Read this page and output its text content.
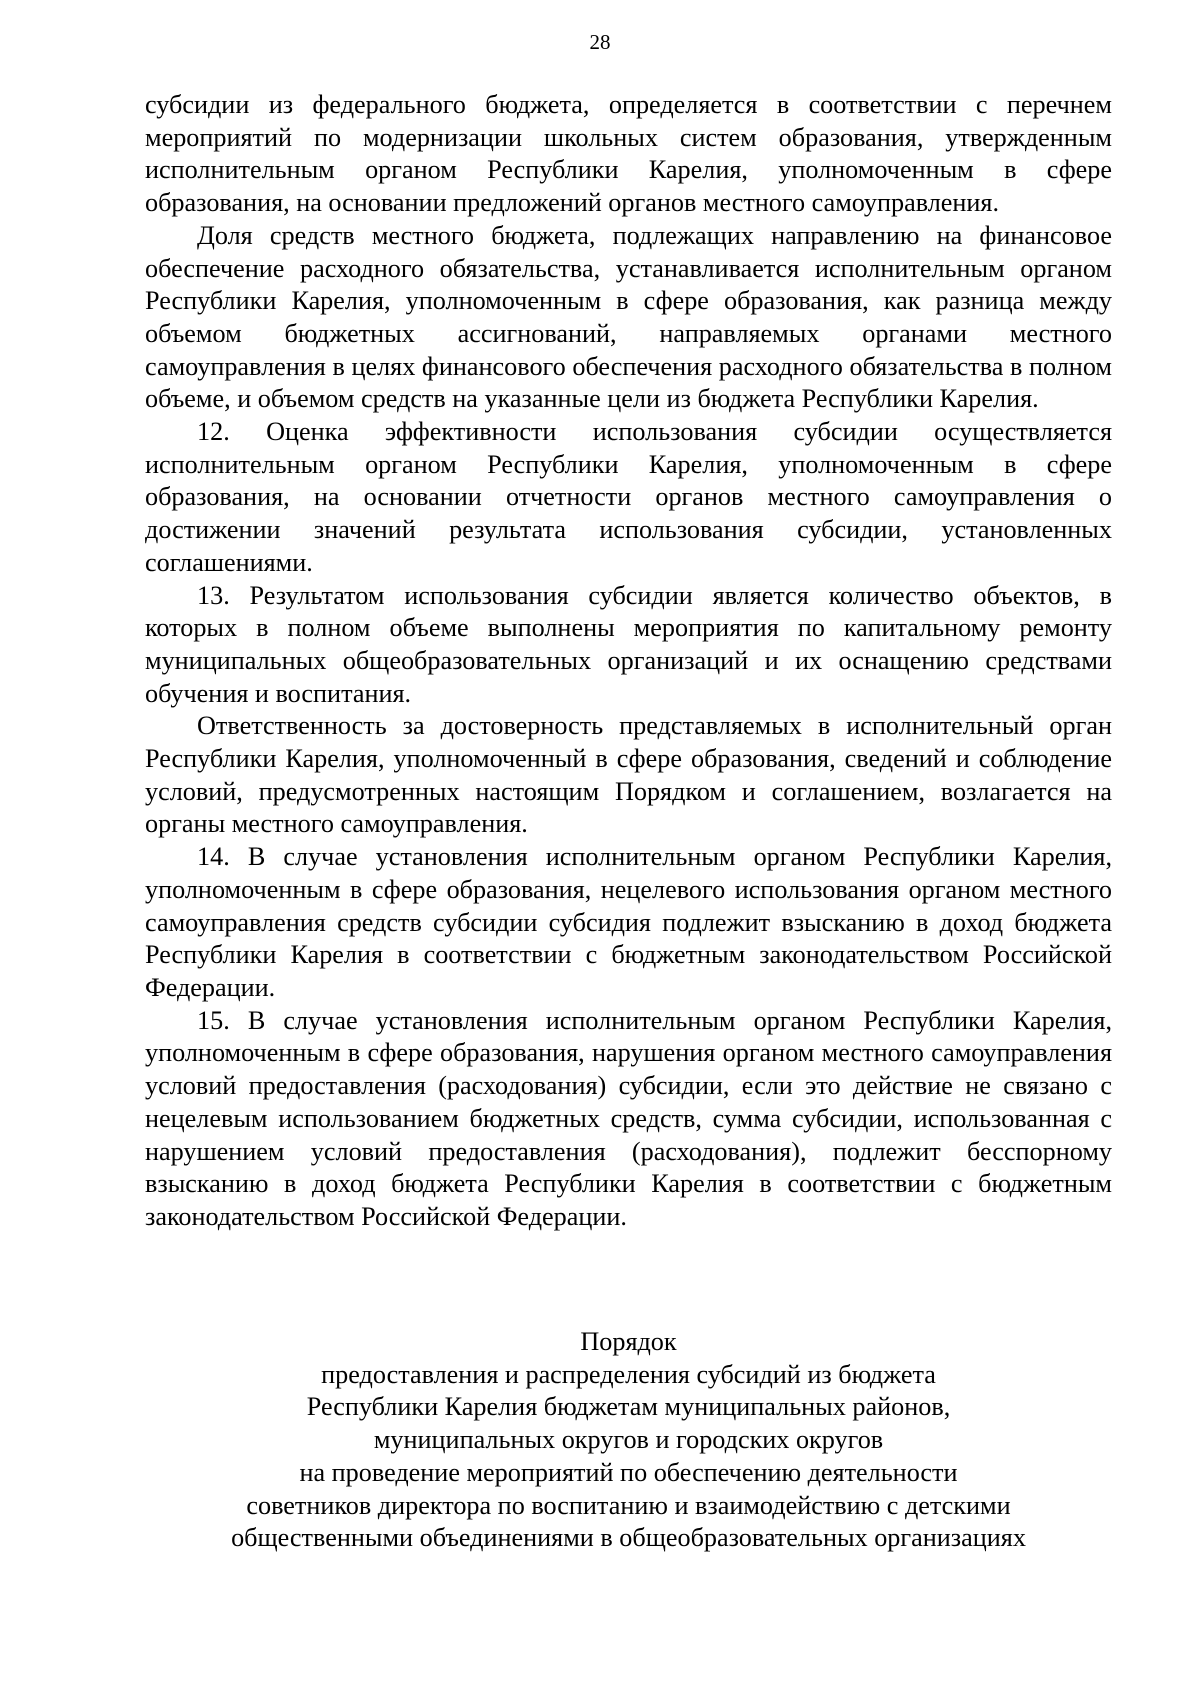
28

субсидии из федерального бюджета, определяется в соответствии с перечнем мероприятий по модернизации школьных систем образования, утвержденным исполнительным органом Республики Карелия, уполномоченным в сфере образования, на основании предложений органов местного самоуправления.

Доля средств местного бюджета, подлежащих направлению на финансовое обеспечение расходного обязательства, устанавливается исполнительным органом Республики Карелия, уполномоченным в сфере образования, как разница между объемом бюджетных ассигнований, направляемых органами местного самоуправления в целях финансового обеспечения расходного обязательства в полном объеме, и объемом средств на указанные цели из бюджета Республики Карелия.

12. Оценка эффективности использования субсидии осуществляется исполнительным органом Республики Карелия, уполномоченным в сфере образования, на основании отчетности органов местного самоуправления о достижении значений результата использования субсидии, установленных соглашениями.

13. Результатом использования субсидии является количество объектов, в которых в полном объеме выполнены мероприятия по капитальному ремонту муниципальных общеобразовательных организаций и их оснащению средствами обучения и воспитания.

Ответственность за достоверность представляемых в исполнительный орган Республики Карелия, уполномоченный в сфере образования, сведений и соблюдение условий, предусмотренных настоящим Порядком и соглашением, возлагается на органы местного самоуправления.

14. В случае установления исполнительным органом Республики Карелия, уполномоченным в сфере образования, нецелевого использования органом местного самоуправления средств субсидии субсидия подлежит взысканию в доход бюджета Республики Карелия в соответствии с бюджетным законодательством Российской Федерации.

15. В случае установления исполнительным органом Республики Карелия, уполномоченным в сфере образования, нарушения органом местного самоуправления условий предоставления (расходования) субсидии, если это действие не связано с нецелевым использованием бюджетных средств, сумма субсидии, использованная с нарушением условий предоставления (расходования), подлежит бесспорному взысканию в доход бюджета Республики Карелия в соответствии с бюджетным законодательством Российской Федерации.

Порядок
предоставления и распределения субсидий из бюджета
Республики Карелия бюджетам муниципальных районов,
муниципальных округов и городских округов
на проведение мероприятий по обеспечению деятельности
советников директора по воспитанию и взаимодействию с детскими
общественными объединениями в общеобразовательных организациях
